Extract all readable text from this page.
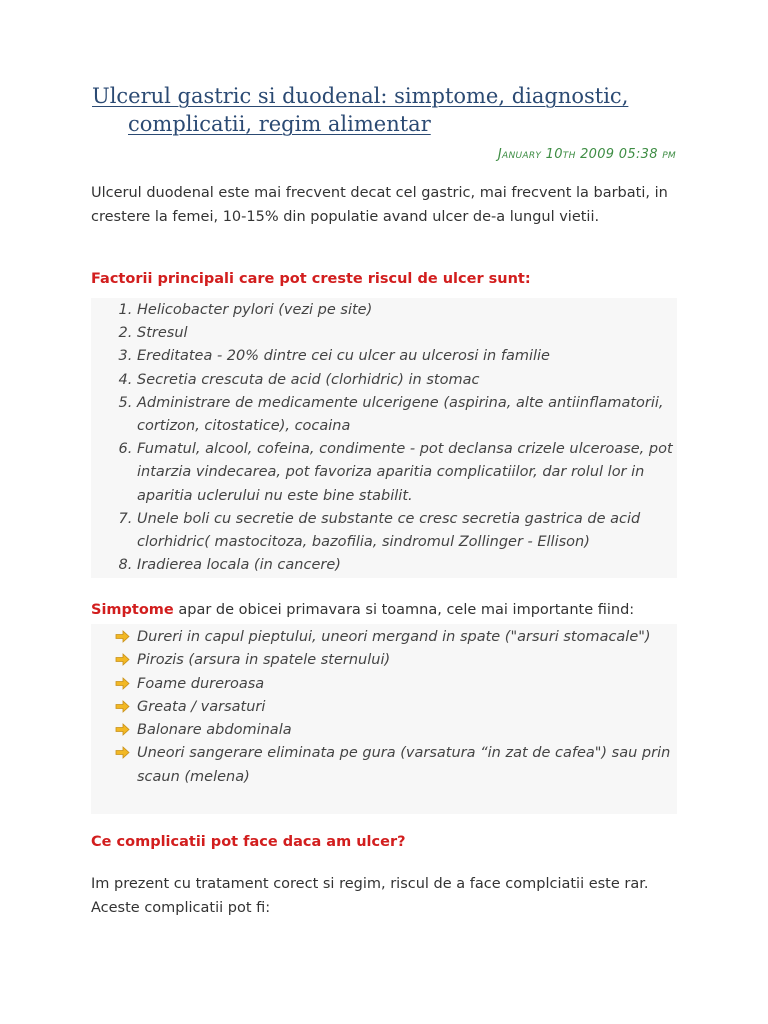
Ulcerul gastric si duodenal: simptome, diagnostic,
complicatii, regim alimentar
January 10th 2009 05:38 pm

Ulcerul duodenal este mai frecvent decat cel gastric, mai frecvent la barbati, in crestere la femei, 10-15% din populatie avand ulcer de-a lungul vietii.

Factorii principali care pot creste riscul de ulcer sunt:

1. Helicobacter pylori (vezi pe site)
2. Stresul
3. Ereditatea - 20% dintre cei cu ulcer au ulcerosi in familie
4. Secretia crescuta de acid (clorhidric) in stomac
5. Administrare de medicamente ulcerigene (aspirina, alte antiinflamatorii, cortizon, citostatice), cocaina
6. Fumatul, alcool, cofeina, condimente - pot declansa crizele ulceroase, pot intarzia vindecarea, pot favoriza aparitia complicatiilor, dar rolul lor in aparitia uclerului nu este bine stabilit.
7. Unele boli cu secretie de substante ce cresc secretia gastrica de acid clorhidric( mastocitoza, bazofilia, sindromul Zollinger - Ellison)
8. Iradierea locala (in cancere)

Simptome apar de obicei primavara si toamna, cele mai importante fiind:

Dureri in capul pieptului, uneori mergand in spate ("arsuri stomacale")
Pirozis (arsura in spatele sternului)
Foame dureroasa
Greata / varsaturi
Balonare abdominala
Uneori sangerare eliminata pe gura (varsatura “in zat de cafea") sau prin scaun (melena)

Ce complicatii pot face daca am ulcer?

Im prezent cu tratament corect si regim, riscul de a face complciatii este rar. Aceste complicatii pot fi:
